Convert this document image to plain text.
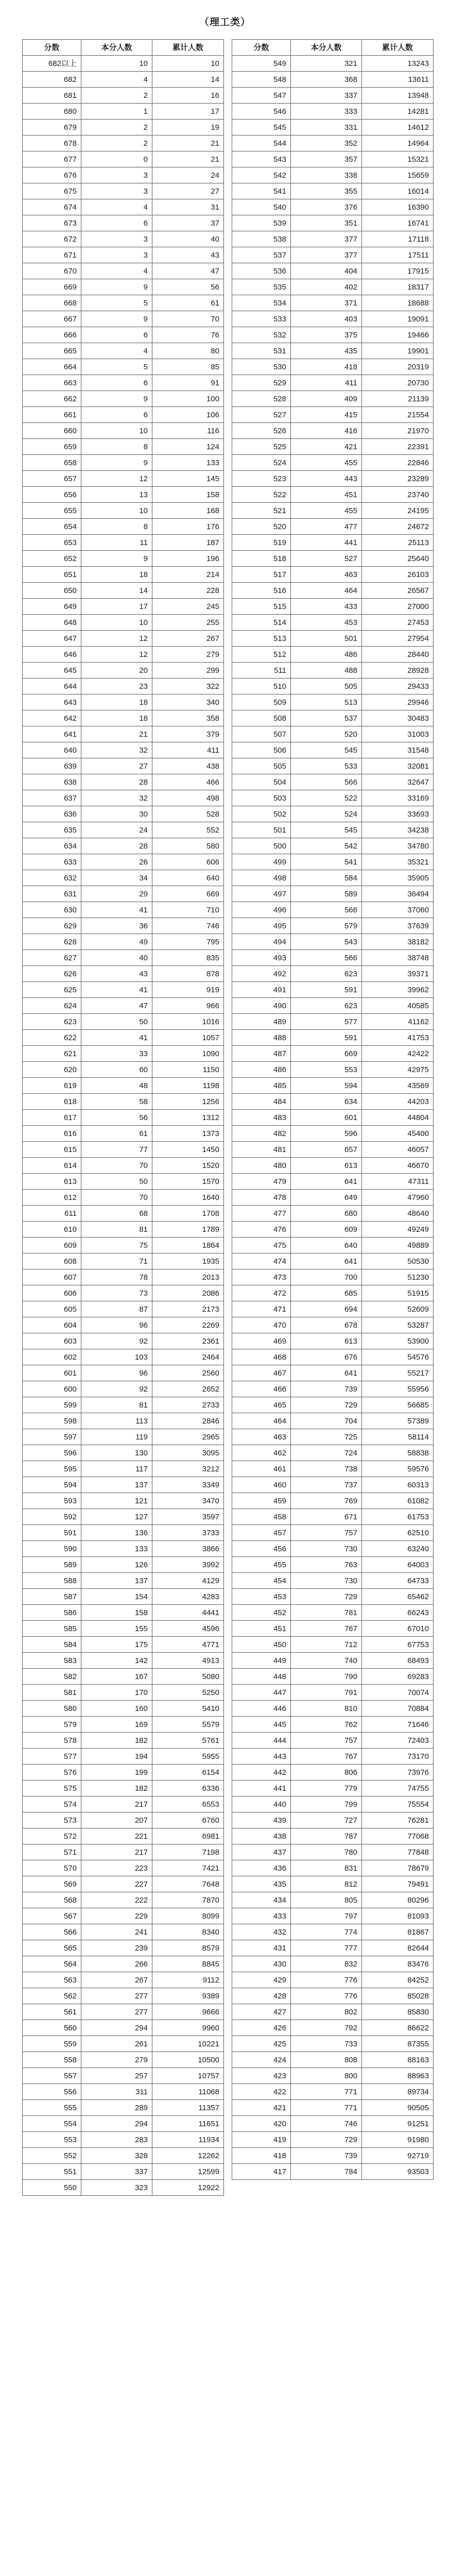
（理工类）
分数	本分人数	累计人数
682以上	10	10
682	4	14
681	2	16
680	1	17
679	2	19
678	2	21
677	0	21
676	3	24
675	3	27
674	4	31
673	6	37
672	3	40
671	3	43
670	4	47
669	9	56
668	5	61
667	9	70
666	6	76
665	4	80
664	5	85
663	6	91
662	9	100
661	6	106
660	10	116
659	8	124
658	9	133
657	12	145
656	13	158
655	10	168
654	8	176
653	11	187
652	9	196
651	18	214
650	14	228
649	17	245
648	10	255
647	12	267
646	12	279
645	20	299
644	23	322
643	18	340
642	18	358
641	21	379
640	32	411
639	27	438
638	28	466
637	32	498
636	30	528
635	24	552
634	28	580
633	26	606
632	34	640
631	29	669
630	41	710
629	36	746
628	49	795
627	40	835
626	43	878
625	41	919
624	47	966
623	50	1016
622	41	1057
621	33	1090
620	60	1150
619	48	1198
618	58	1256
617	56	1312
616	61	1373
615	77	1450
614	70	1520
613	50	1570
612	70	1640
611	68	1708
610	81	1789
609	75	1864
608	71	1935
607	78	2013
606	73	2086
605	87	2173
604	96	2269
603	92	2361
602	103	2464
601	96	2560
600	92	2652
599	81	2733
598	113	2846
597	119	2965
596	130	3095
595	117	3212
594	137	3349
593	121	3470
592	127	3597
591	136	3733
590	133	3866
589	126	3992
588	137	4129
587	154	4283
586	158	4441
585	155	4596
584	175	4771
583	142	4913
582	167	5080
581	170	5250
580	160	5410
579	169	5579
578	182	5761
577	194	5955
576	199	6154
575	182	6336
574	217	6553
573	207	6760
572	221	6981
571	217	7198
570	223	7421
569	227	7648
568	222	7870
567	229	8099
566	241	8340
565	239	8579
564	266	8845
563	267	9112
562	277	9389
561	277	9666
560	294	9960
559	261	10221
558	279	10500
557	257	10757
556	311	11068
555	289	11357
554	294	11651
553	283	11934
552	328	12262
551	337	12599
550	323	12922
分数	本分人数	累计人数
549	321	13243
548	368	13611
547	337	13948
546	333	14281
545	331	14612
544	352	14964
543	357	15321
542	338	15659
541	355	16014
540	376	16390
539	351	16741
538	377	17118
537	377	17511
536	404	17915
535	402	18317
534	371	18688
533	403	19091
532	375	19466
531	435	19901
530	418	20319
529	411	20730
528	409	21139
527	415	21554
526	416	21970
525	421	22391
524	455	22846
523	443	23289
522	451	23740
521	455	24195
520	477	24672
519	441	25113
518	527	25640
517	463	26103
516	464	26567
515	433	27000
514	453	27453
513	501	27954
512	486	28440
511	488	28928
510	505	29433
509	513	29946
508	537	30483
507	520	31003
506	545	31548
505	533	32081
504	566	32647
503	522	33169
502	524	33693
501	545	34238
500	542	34780
499	541	35321
498	584	35905
497	589	36494
496	566	37060
495	579	37639
494	543	38182
493	566	38748
492	623	39371
491	591	39962
490	623	40585
489	577	41162
488	591	41753
487	669	42422
486	553	42975
485	594	43569
484	634	44203
483	601	44804
482	596	45400
481	657	46057
480	613	46670
479	641	47311
478	649	47960
477	680	48640
476	609	49249
475	640	49889
474	641	50530
473	700	51230
472	685	51915
471	694	52609
470	678	53287
469	613	53900
468	676	54576
467	641	55217
466	739	55956
465	729	56685
464	704	57389
463	725	58114
462	724	58838
461	738	59576
460	737	60313
459	769	61082
458	671	61753
457	757	62510
456	730	63240
455	763	64003
454	730	64733
453	729	65462
452	781	66243
451	767	67010
450	712	67753
449	740	68493
448	790	69283
447	791	70074
446	810	70884
445	762	71646
444	757	72403
443	767	73170
442	806	73976
441	779	74755
440	799	75554
439	727	76281
438	787	77068
437	780	77848
436	831	78679
435	812	79491
434	805	80296
433	797	81093
432	774	81867
431	777	82644
430	832	83476
429	776	84252
428	776	85028
427	802	85830
426	792	86622
425	733	87355
424	808	88163
423	800	88963
422	771	89734
421	771	90505
420	746	91251
419	729	91980
418	739	92719
417	784	93503
